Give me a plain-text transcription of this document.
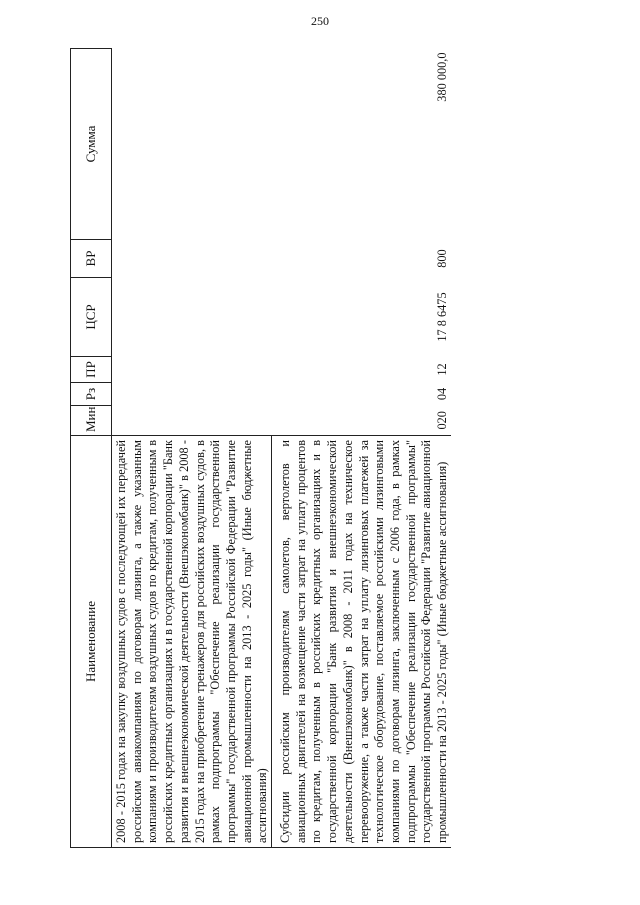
250
Наименование	Мин	Рз	ПР	ЦСР	ВР	Сумма
2008 - 2015 годах на закупку воздушных судов с последующей их передачей российским авиакомпаниям по договорам лизинга, а также указанным компаниям и производителям воздушных судов по кредитам, полученным в российских кредитных организациях и в государственной корпорации "Банк развития и внешнеэкономической деятельности (Внешэкономбанк)" в 2008 - 2015 годах на приобретение тренажеров для российских воздушных судов, в рамках подпрограммы "Обеспечение реализации государственной программы" государственной программы Российской Федерации "Развитие авиационной промышленности на 2013 - 2025 годы" (Иные бюджетные ассигнования)						
Субсидии российским производителям самолетов, вертолетов и авиационных двигателей на возмещение части затрат на уплату процентов по кредитам, полученным в российских кредитных организациях и в государственной корпорации "Банк развития и внешнеэкономической деятельности (Внешэкономбанк)" в 2008 - 2011 годах на техническое перевооружение, а также части затрат на уплату лизинговых платежей за технологическое оборудование, поставляемое российскими лизинговыми компаниями по договорам лизинга, заключенным с 2006 года, в рамках подпрограммы "Обеспечение реализации государственной программы" государственной программы Российской Федерации "Развитие авиационной промышленности на 2013 - 2025 годы" (Иные бюджетные ассигнования)	020	04	12	17 8 6475	800	380 000,0
